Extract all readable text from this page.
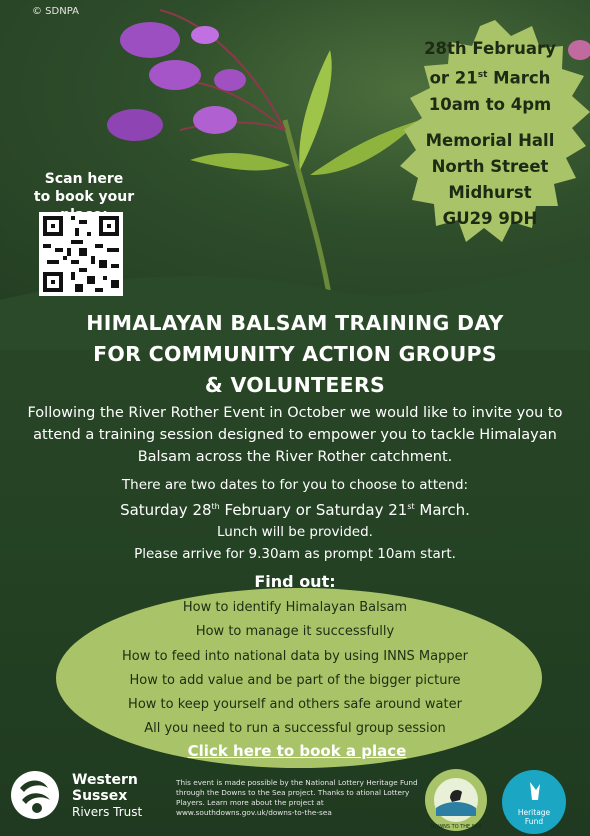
© SDNPA
Scan here
to book your
28th February
or 21st March
10am to 4pm
Memorial Hall
North Street
Midhurst
GU29 9DH
HIMALAYAN BALSAM TRAINING DAY
FOR COMMUNITY ACTION GROUPS
& VOLUNTEERS
Following the River Rother Event in October we would like to invite you to attend a training session designed to empower you to tackle Himalayan Balsam across the River Rother catchment.
There are two dates to for you to choose to attend:
Saturday 28th February or Saturday 21st March.
Lunch will be provided.
Please arrive for 9.30am as prompt 10am start.
Find out:
How to identify Himalayan Balsam
How to manage it successfully
How to feed into national data by using INNS Mapper
How to add value and be part of the bigger picture
How to keep yourself and others safe around water
All you need to run a successful group session
Click here to book a place
Western
Sussex
Rivers Trust
This event is made possible by the National Lottery Heritage Fund through the Downs to the Sea project. Thanks to ational Lottery Players. Learn more about the project at www.southdowns.gov.uk/downs-to-the-sea
DOWNS TO THE SEA
Heritage
Fund
